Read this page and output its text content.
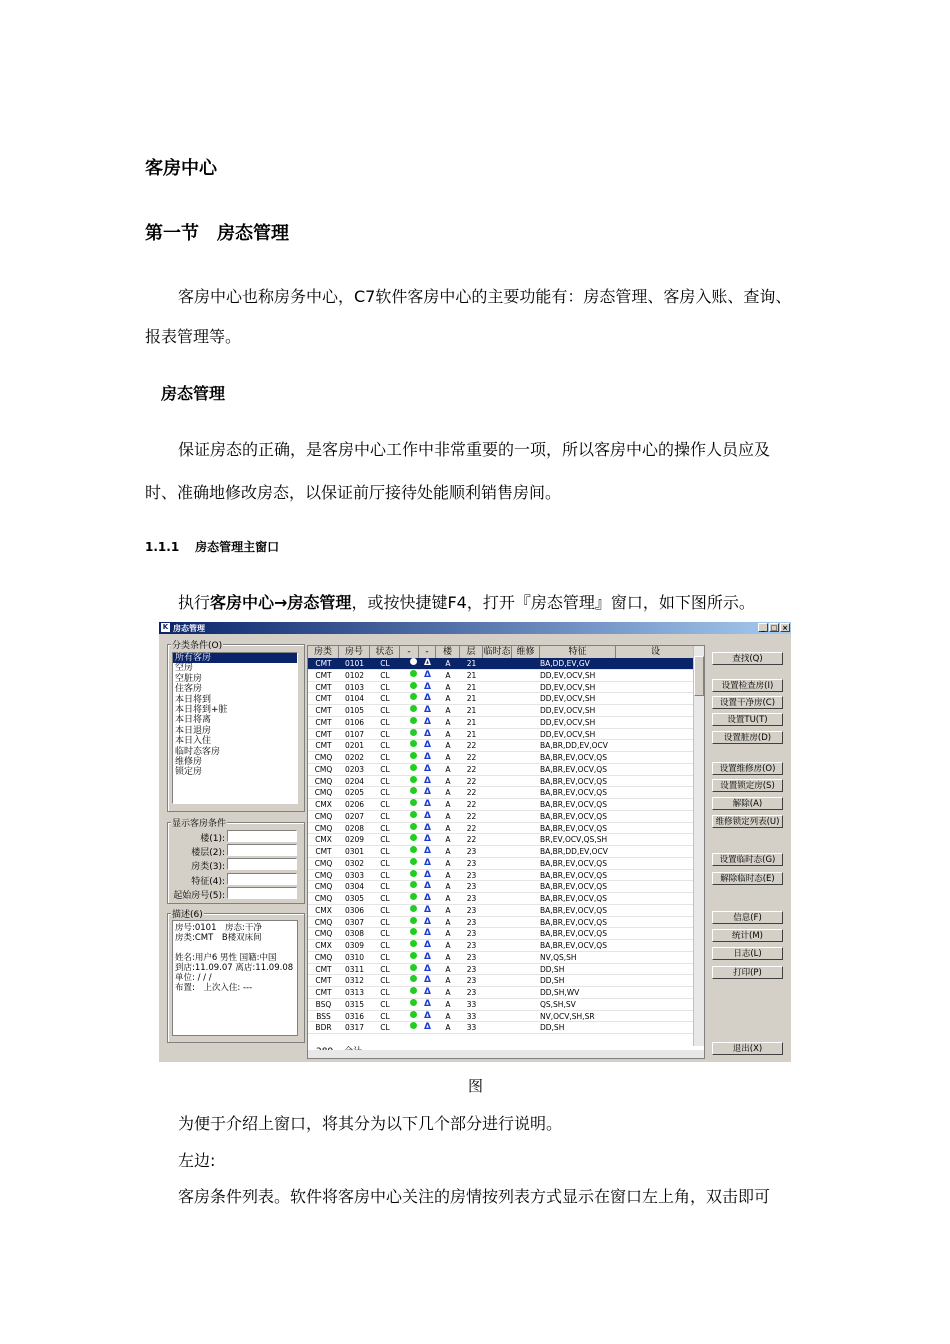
客房中心
第一节　房态管理
客房中心也称房务中心，C7软件客房中心的主要功能有：房态管理、客房入账、查询、
报表管理等。
房态管理
保证房态的正确，是客房中心工作中非常重要的一项，所以客房中心的操作人员应及
时、准确地修改房态，以保证前厅接待处能顺利销售房间。
1.1.1 房态管理主窗口
执行客房中心→房态管理，或按快捷键F4，打开『房态管理』窗口，如下图所示。
K 房态管理	_ □ ×
分类条件(O)
所有客房
空房
空脏房
住客房
本日将到
本日将到+脏
本日将离
本日退房
本日入住
临时态客房
维修房
锁定房
显示客房条件
楼(1):
楼层(2):
房类(3):
特征(4):
起始房号(5):
描述(6)
房号:0101　房态:干净
房类:CMT　B楼双床间
姓名:用户6 男性 国籍:中国
到店:11.09.07 离店:11.09.08
单位: / / /
布置:　上次入住: ---
房类	房号	状态	-	-	楼	层 临时态 维修	特征	设
CMT	0101	CL	Δ	A	21	BA,DD,EV,GV
CMT	0102	CL	Δ	A	21	DD,EV,OCV,SH
CMT	0103	CL	Δ	A	21	DD,EV,OCV,SH
CMT	0104	CL	Δ	A	21	DD,EV,OCV,SH
CMT	0105	CL	Δ	A	21	DD,EV,OCV,SH
CMT	0106	CL	Δ	A	21	DD,EV,OCV,SH
CMT	0107	CL	Δ	A	21	DD,EV,OCV,SH
CMT	0201	CL	Δ	A	22	BA,BR,DD,EV,OCV
CMQ	0202	CL	Δ	A	22	BA,BR,EV,OCV,QS
CMQ	0203	CL	Δ	A	22	BA,BR,EV,OCV,QS
CMQ	0204	CL	Δ	A	22	BA,BR,EV,OCV,QS
CMQ	0205	CL	Δ	A	22	BA,BR,EV,OCV,QS
CMX	0206	CL	Δ	A	22	BA,BR,EV,OCV,QS
CMQ	0207	CL	Δ	A	22	BA,BR,EV,OCV,QS
CMQ	0208	CL	Δ	A	22	BA,BR,EV,OCV,QS
CMX	0209	CL	Δ	A	22	BR,EV,OCV,QS,SH
CMT	0301	CL	Δ	A	23	BA,BR,DD,EV,OCV
CMQ	0302	CL	Δ	A	23	BA,BR,EV,OCV,QS
CMQ	0303	CL	Δ	A	23	BA,BR,EV,OCV,QS
CMQ	0304	CL	Δ	A	23	BA,BR,EV,OCV,QS
CMQ	0305	CL	Δ	A	23	BA,BR,EV,OCV,QS
CMX	0306	CL	Δ	A	23	BA,BR,EV,OCV,QS
CMQ	0307	CL	Δ	A	23	BA,BR,EV,OCV,QS
CMQ	0308	CL	Δ	A	23	BA,BR,EV,OCV,QS
CMX	0309	CL	Δ	A	23	BA,BR,EV,OCV,QS
CMQ	0310	CL	Δ	A	23	NV,QS,SH
CMT	0311	CL	Δ	A	23	DD,SH
CMT	0312	CL	Δ	A	23	DD,SH
CMT	0313	CL	Δ	A	23	DD,SH,WV
BSQ	0315	CL	Δ	A	33	QS,SH,SV
BSS	0316	CL	Δ	A	33	NV,OCV,SH,SR
BDR	0317	CL	Δ	A	33	DD,SH
查找(Q)
设置检查房(I)
设置干净房(C)
设置TU(T)
设置脏房(D)
设置维修房(O)
设置锁定房(S)
解除(A)
维修锁定列表(U)
设置临时态(G)
解除临时态(E)
信息(F)
统计(M)
日志(L)
打印(P)
退出(X)
图
为便于介绍上窗口，将其分为以下几个部分进行说明。
左边:
客房条件列表。软件将客房中心关注的房情按列表方式显示在窗口左上角，双击即可
